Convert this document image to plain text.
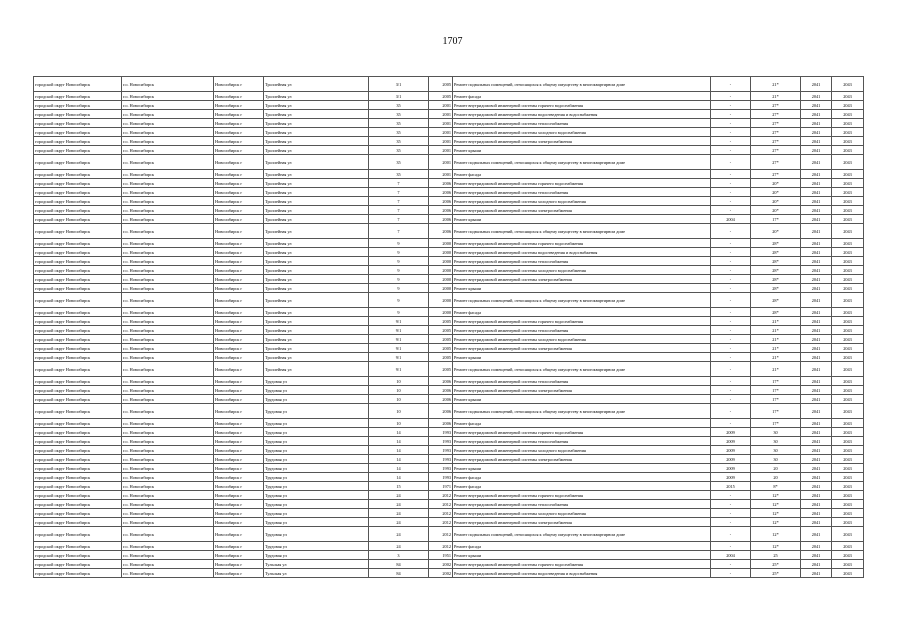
1707
городской округ Новосибирск	г.о. Новосибирск	Новосибирск г	Троллейная ул	3/1	2005	Ремонт подвальных помещений, относящихся к общему имуществу в многоквартирном доме	-	21*	2041	2043
городской округ Новосибирск	г.о. Новосибирск	Новосибирск г	Троллейная ул	3/1	2005	Ремонт фасада	-	21*	2041	2043
городской округ Новосибирск	г.о. Новосибирск	Новосибирск г	Троллейная ул	35	2001	Ремонт внутридомовой инженерной системы горячего водоснабжения	-	27*	2041	2043
городской округ Новосибирск	г.о. Новосибирск	Новосибирск г	Троллейная ул	35	2001	Ремонт внутридомовой инженерной системы водоотведения и водоснабжения	-	27*	2041	2043
городской округ Новосибирск	г.о. Новосибирск	Новосибирск г	Троллейная ул	35	2001	Ремонт внутридомовой инженерной системы теплоснабжения	-	27*	2041	2043
городской округ Новосибирск	г.о. Новосибирск	Новосибирск г	Троллейная ул	35	2001	Ремонт внутридомовой инженерной системы холодного водоснабжения	-	27*	2041	2043
городской округ Новосибирск	г.о. Новосибирск	Новосибирск г	Троллейная ул	35	2001	Ремонт внутридомовой инженерной системы электроснабжения	-	27*	2041	2043
городской округ Новосибирск	г.о. Новосибирск	Новосибирск г	Троллейная ул	35	2001	Ремонт крыши	-	27*	2041	2043
городской округ Новосибирск	г.о. Новосибирск	Новосибирск г	Троллейная ул	35	2001	Ремонт подвальных помещений, относящихся к общему имуществу в многоквартирном доме	-	27*	2041	2043
городской округ Новосибирск	г.о. Новосибирск	Новосибирск г	Троллейная ул	35	2001	Ремонт фасада	-	27*	2041	2043
городской округ Новосибирск	г.о. Новосибирск	Новосибирск г	Троллейная ул	7	2006	Ремонт внутридомовой инженерной системы горячего водоснабжения	-	20*	2041	2043
городской округ Новосибирск	г.о. Новосибирск	Новосибирск г	Троллейная ул	7	2006	Ремонт внутридомовой инженерной системы теплоснабжения	-	20*	2041	2043
городской округ Новосибирск	г.о. Новосибирск	Новосибирск г	Троллейная ул	7	2006	Ремонт внутридомовой инженерной системы холодного водоснабжения	-	20*	2041	2043
городской округ Новосибирск	г.о. Новосибирск	Новосибирск г	Троллейная ул	7	2006	Ремонт внутридомовой инженерной системы электроснабжения	-	20*	2041	2043
городской округ Новосибирск	г.о. Новосибирск	Новосибирск г	Троллейная ул	7	2006	Ремонт крыши	2004	17*	2041	2043
городской округ Новосибирск	г.о. Новосибирск	Новосибирск г	Троллейная ул	7	2006	Ремонт подвальных помещений, относящихся к общему имуществу в многоквартирном доме	-	20*	2041	2043
городской округ Новосибирск	г.о. Новосибирск	Новосибирск г	Троллейная ул	9	2000	Ремонт внутридомовой инженерной системы горячего водоснабжения	-	28*	2041	2043
городской округ Новосибирск	г.о. Новосибирск	Новосибирск г	Троллейная ул	9	2000	Ремонт внутридомовой инженерной системы водоотведения и водоснабжения	-	28*	2041	2043
городской округ Новосибирск	г.о. Новосибирск	Новосибирск г	Троллейная ул	9	2000	Ремонт внутридомовой инженерной системы теплоснабжения	-	28*	2041	2043
городской округ Новосибирск	г.о. Новосибирск	Новосибирск г	Троллейная ул	9	2000	Ремонт внутридомовой инженерной системы холодного водоснабжения	-	28*	2041	2043
городской округ Новосибирск	г.о. Новосибирск	Новосибирск г	Троллейная ул	9	2000	Ремонт внутридомовой инженерной системы электроснабжения	-	28*	2041	2043
городской округ Новосибирск	г.о. Новосибирск	Новосибирск г	Троллейная ул	9	2000	Ремонт крыши	-	28*	2041	2043
городской округ Новосибирск	г.о. Новосибирск	Новосибирск г	Троллейная ул	9	2000	Ремонт подвальных помещений, относящихся к общему имуществу в многоквартирном доме	-	28*	2041	2043
городской округ Новосибирск	г.о. Новосибирск	Новосибирск г	Троллейная ул	9	2000	Ремонт фасада	-	28*	2041	2043
городской округ Новосибирск	г.о. Новосибирск	Новосибирск г	Троллейная ул	9/1	2005	Ремонт внутридомовой инженерной системы горячего водоснабжения	-	21*	2041	2043
городской округ Новосибирск	г.о. Новосибирск	Новосибирск г	Троллейная ул	9/1	2005	Ремонт внутридомовой инженерной системы теплоснабжения	-	21*	2041	2043
городской округ Новосибирск	г.о. Новосибирск	Новосибирск г	Троллейная ул	9/1	2005	Ремонт внутридомовой инженерной системы холодного водоснабжения	-	21*	2041	2043
городской округ Новосибирск	г.о. Новосибирск	Новосибирск г	Троллейная ул	9/1	2005	Ремонт внутридомовой инженерной системы электроснабжения	-	21*	2041	2043
городской округ Новосибирск	г.о. Новосибирск	Новосибирск г	Троллейная ул	9/1	2005	Ремонт крыши	-	21*	2041	2043
городской округ Новосибирск	г.о. Новосибирск	Новосибирск г	Троллейная ул	9/1	2005	Ремонт подвальных помещений, относящихся к общему имуществу в многоквартирном доме	-	21*	2041	2043
городской округ Новосибирск	г.о. Новосибирск	Новосибирск г	Трудовая ул	10	2006	Ремонт внутридомовой инженерной системы теплоснабжения	-	17*	2041	2043
городской округ Новосибирск	г.о. Новосибирск	Новосибирск г	Трудовая ул	10	2006	Ремонт внутридомовой инженерной системы электроснабжения	-	17*	2041	2043
городской округ Новосибирск	г.о. Новосибирск	Новосибирск г	Трудовая ул	10	2006	Ремонт крыши	-	17*	2041	2043
городской округ Новосибирск	г.о. Новосибирск	Новосибирск г	Трудовая ул	10	2006	Ремонт подвальных помещений, относящихся к общему имуществу в многоквартирном доме	-	17*	2041	2043
городской округ Новосибирск	г.о. Новосибирск	Новосибирск г	Трудовая ул	10	2006	Ремонт фасада	-	17*	2041	2043
городской округ Новосибирск	г.о. Новосибирск	Новосибирск г	Трудовая ул	14	1993	Ремонт внутридомовой инженерной системы горячего водоснабжения	2009	30	2041	2043
городской округ Новосибирск	г.о. Новосибирск	Новосибирск г	Трудовая ул	14	1993	Ремонт внутридомовой инженерной системы теплоснабжения	2009	30	2041	2043
городской округ Новосибирск	г.о. Новосибирск	Новосибирск г	Трудовая ул	14	1993	Ремонт внутридомовой инженерной системы холодного водоснабжения	2009	30	2041	2043
городской округ Новосибирск	г.о. Новосибирск	Новосибирск г	Трудовая ул	14	1993	Ремонт внутридомовой инженерной системы электроснабжения	2009	30	2041	2043
городской округ Новосибирск	г.о. Новосибирск	Новосибирск г	Трудовая ул	14	1993	Ремонт крыши	2009	20	2041	2043
городской округ Новосибирск	г.о. Новосибирск	Новосибирск г	Трудовая ул	14	1993	Ремонт фасада	2009	20	2041	2043
городской округ Новосибирск	г.о. Новосибирск	Новосибирск г	Трудовая ул	15	1971	Ремонт фасада	2015	8*	2041	2043
городской округ Новосибирск	г.о. Новосибирск	Новосибирск г	Трудовая ул	24	2012	Ремонт внутридомовой инженерной системы горячего водоснабжения	-	12*	2041	2043
городской округ Новосибирск	г.о. Новосибирск	Новосибирск г	Трудовая ул	24	2012	Ремонт внутридомовой инженерной системы теплоснабжения	-	12*	2041	2043
городской округ Новосибирск	г.о. Новосибирск	Новосибирск г	Трудовая ул	24	2012	Ремонт внутридомовой инженерной системы холодного водоснабжения	-	12*	2041	2043
городской округ Новосибирск	г.о. Новосибирск	Новосибирск г	Трудовая ул	24	2012	Ремонт внутридомовой инженерной системы электроснабжения	-	12*	2041	2043
городской округ Новосибирск	г.о. Новосибирск	Новосибирск г	Трудовая ул	24	2012	Ремонт подвальных помещений, относящихся к общему имуществу в многоквартирном доме	-	12*	2041	2043
городской округ Новосибирск	г.о. Новосибирск	Новосибирск г	Трудовая ул	24	2012	Ремонт фасада	-	12*	2041	2043
городской округ Новосибирск	г.о. Новосибирск	Новосибирск г	Трудовая ул	3	1951	Ремонт крыши	2004	25	2041	2043
городской округ Новосибирск	г.о. Новосибирск	Новосибирск г	Тульская ул	84	2002	Ремонт внутридомовой инженерной системы горячего водоснабжения	-	25*	2041	2043
городской округ Новосибирск	г.о. Новосибирск	Новосибирск г	Тульская ул	84	2002	Ремонт внутридомовой инженерной системы водоотведения и водоснабжения	-	25*	2041	2043
